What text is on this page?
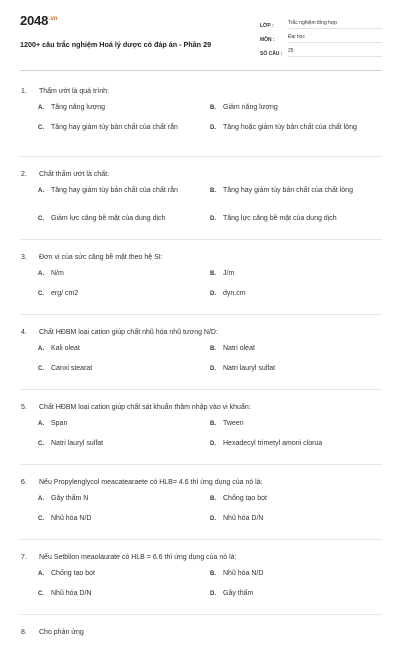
$2048^{.vn}$
1200+ câu trắc nghiệm Hoá lý dược có đáp án - Phần 29
LỚP :	Trắc nghiệm tổng hợp
MÔN :	Đại học
SỐ CÂU :	25
1.	Thấm ướt là quá trình:
A.	Tăng năng lượng	B.	Giảm năng lượng
C.	Tăng hay giảm tùy bản chất của chất rắn	D.	Tăng hoặc giảm tùy bản chất của chất lỏng
2.	Chất thấm ướt là chất:
A.	Tăng hay giảm tùy bản chất của chất rắn	B.	Tăng hay giảm tùy bản chất của chất lỏng
C.	Giảm lực căng bề mặt của dung dịch	D.	Tăng lực căng bề mặt của dung dịch
3.	Đơn vị của sức căng bề mặt theo hệ SI:
A.	N/m	B.	J/m
C.	erg/ cm2	D.	dyn.cm
4.	Chất HĐBM loại cation giúp chất nhũ hóa nhũ tương N/D:
A.	Kali oleat	B.	Natri oleat
C.	Canxi stearat	D.	Natri lauryl sulfat
5.	Chất HĐBM loại cation giúp chất sát khuẩn thâm nhập vào vi khuẩn:
A.	Span	B.	Tween
C.	Natri lauryl sulfat	D.	Hexadecyl trimetyl amoni clorua
6.	Nếu Propylenglycol meacatearaete có HLB= 4.6 thì ứng dụng của nó là:
A.	Gây thấm N	B.	Chống tạo bọt
C.	Nhũ hóa N/D	D.	Nhũ hóa D/N
7.	Nếu Setblion meaolaurate có HLB = 6.6 thì ứng dụng của nó là:
A.	Chống tạo bọt	B.	Nhũ hóa N/D
C.	Nhũ hóa D/N	D.	Gây thấm
8.	Cho phản ứng
